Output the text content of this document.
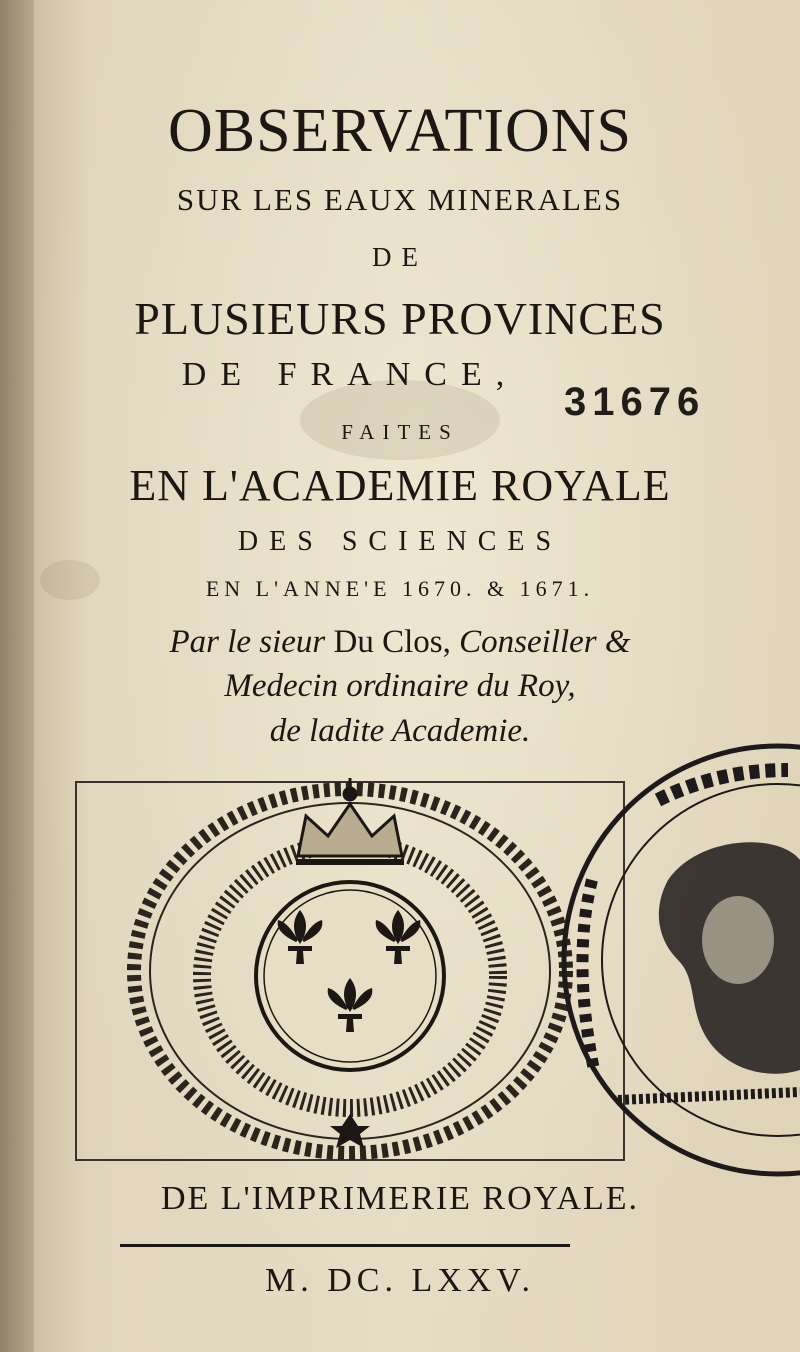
OBSERVATIONS
SUR LES EAUX MINERALES
DE
PLUSIEURS PROVINCES
DE FRANCE,
31676
FAITES
EN L'ACADEMIE ROYALE
DES SCIENCES
EN L'ANNE'E 1670. & 1671.
Par le sieur Du Clos, Conseiller &
Medecin ordinaire du Roy,
de ladite Academie.
DE L'IMPRIMERIE ROYALE.
M. DC. LXXV.
